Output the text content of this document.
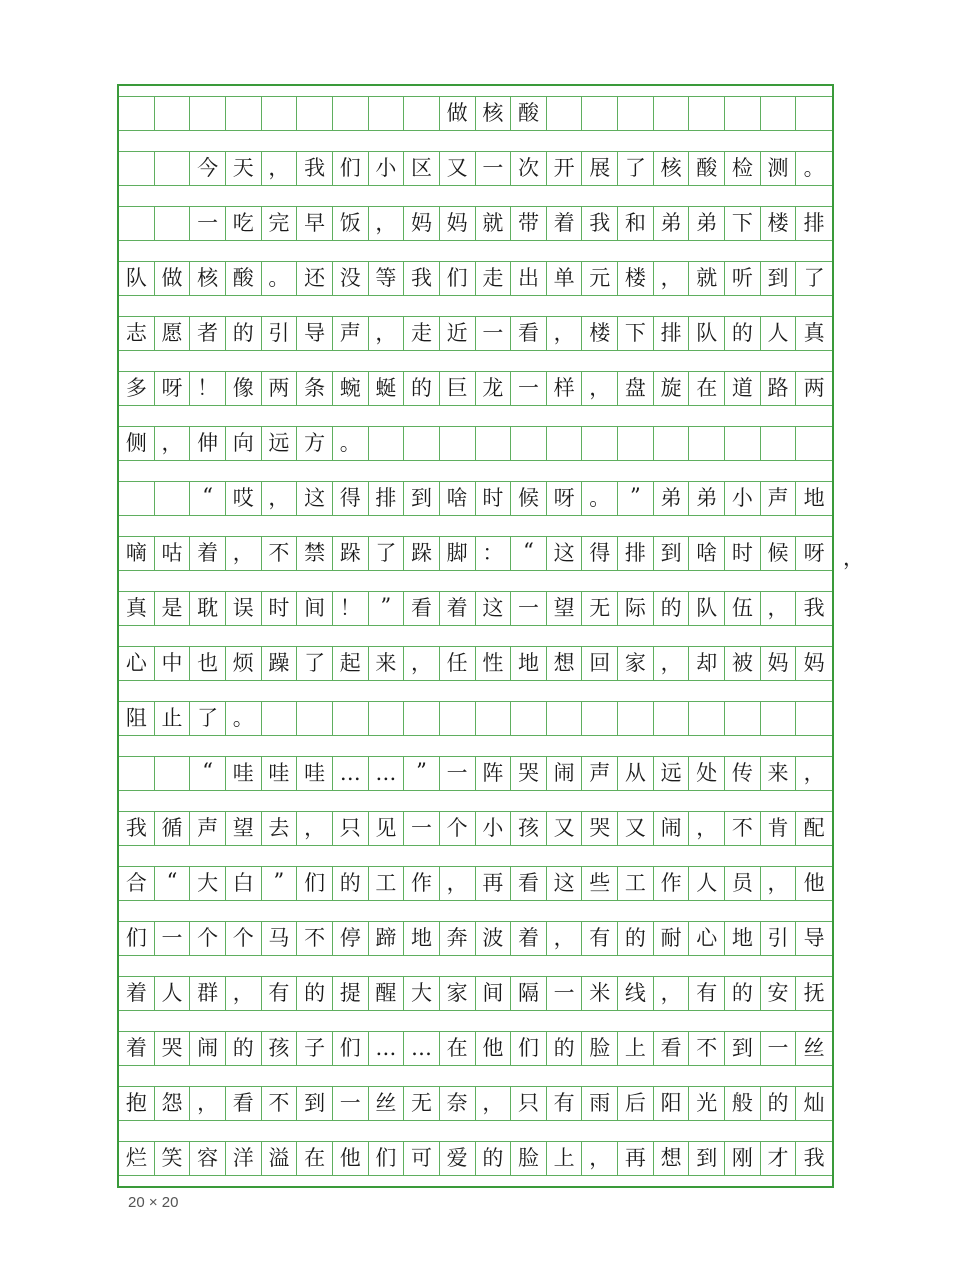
做 核 酸
今 天 ， 我 们 小 区 又 一 次 开 展 了 核 酸 检 测 。
一 吃 完 早 饭 ， 妈 妈 就 带 着 我 和 弟 弟 下 楼 排
队 做 核 酸 。 还 没 等 我 们 走 出 单 元 楼 ， 就 听 到 了
志 愿 者 的 引 导 声 ， 走 近 一 看 ， 楼 下 排 队 的 人 真
多 呀 ！ 像 两 条 蜿 蜒 的 巨 龙 一 样 ， 盘 旋 在 道 路 两
侧 ， 伸 向 远 方 。
“ 哎 ， 这 得 排 到 啥 时 候 呀 。 ” 弟 弟 小 声 地
嘀 咕 着 ， 不 禁 跺 了 跺 脚 ： “ 这 得 排 到 啥 时 候 呀
真 是 耽 误 时 间 ！ ” 看 着 这 一 望 无 际 的 队 伍 ， 我
心 中 也 烦 躁 了 起 来 ， 任 性 地 想 回 家 ， 却 被 妈 妈
阻 止 了 。
“ 哇 哇 哇 … … ” 一 阵 哭 闹 声 从 远 处 传 来 ，
我 循 声 望 去 ， 只 见 一 个 小 孩 又 哭 又 闹 ， 不 肯 配
合 “ 大 白 ” 们 的 工 作 ， 再 看 这 些 工 作 人 员 ， 他
们 一 个 个 马 不 停 蹄 地 奔 波 着 ， 有 的 耐 心 地 引 导
着 人 群 ， 有 的 提 醒 大 家 间 隔 一 米 线 ， 有 的 安 抚
着 哭 闹 的 孩 子 们 … … 在 他 们 的 脸 上 看 不 到 一 丝
抱 怨 ， 看 不 到 一 丝 无 奈 ， 只 有 雨 后 阳 光 般 的 灿
烂 笑 容 洋 溢 在 他 们 可 爱 的 脸 上 ， 再 想 到 刚 才 我
20 × 20
，
